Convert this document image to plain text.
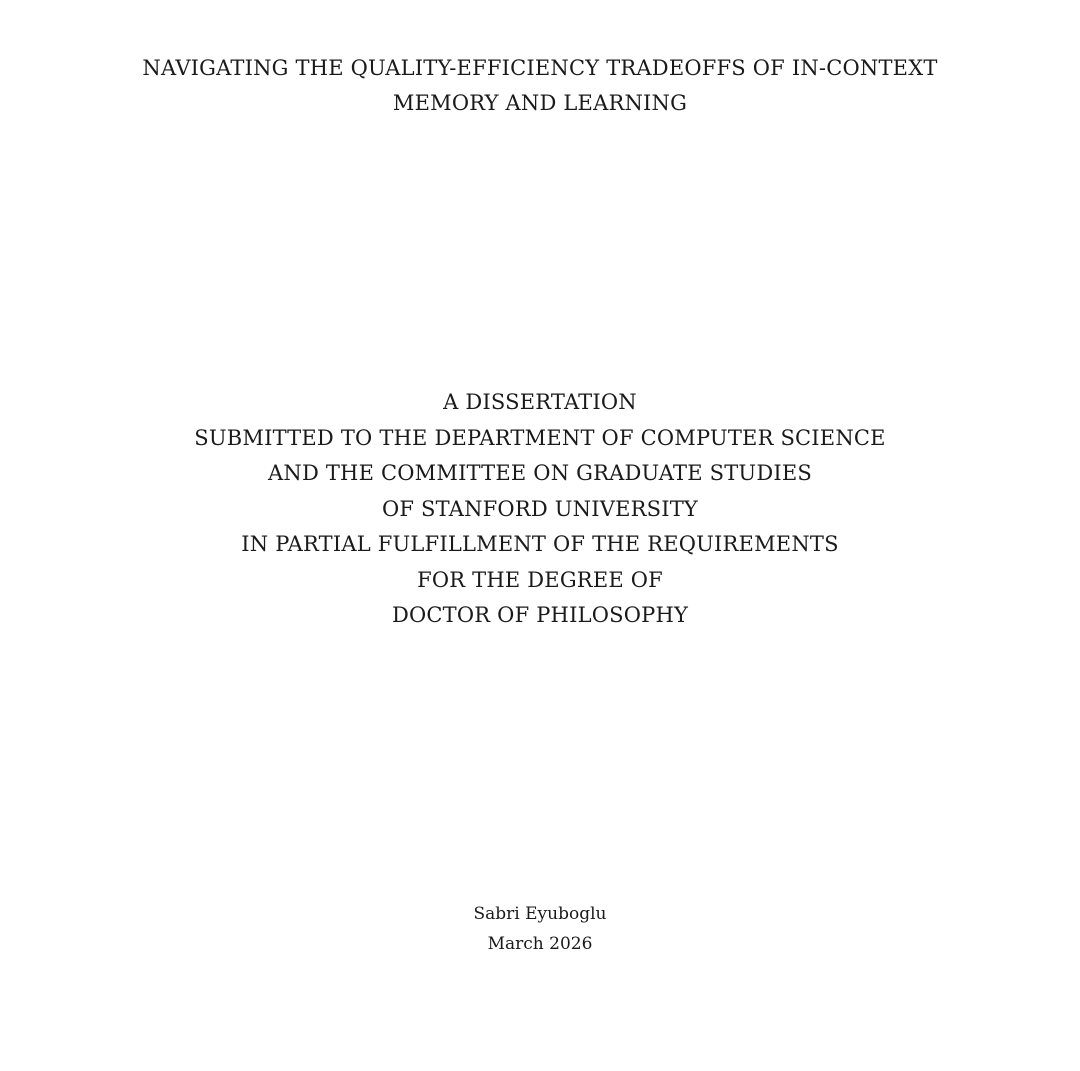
NAVIGATING THE QUALITY-EFFICIENCY TRADEOFFS OF IN-CONTEXT
MEMORY AND LEARNING
A DISSERTATION
SUBMITTED TO THE DEPARTMENT OF COMPUTER SCIENCE
AND THE COMMITTEE ON GRADUATE STUDIES
OF STANFORD UNIVERSITY
IN PARTIAL FULFILLMENT OF THE REQUIREMENTS
FOR THE DEGREE OF
DOCTOR OF PHILOSOPHY
Sabri Eyuboglu
March 2026
